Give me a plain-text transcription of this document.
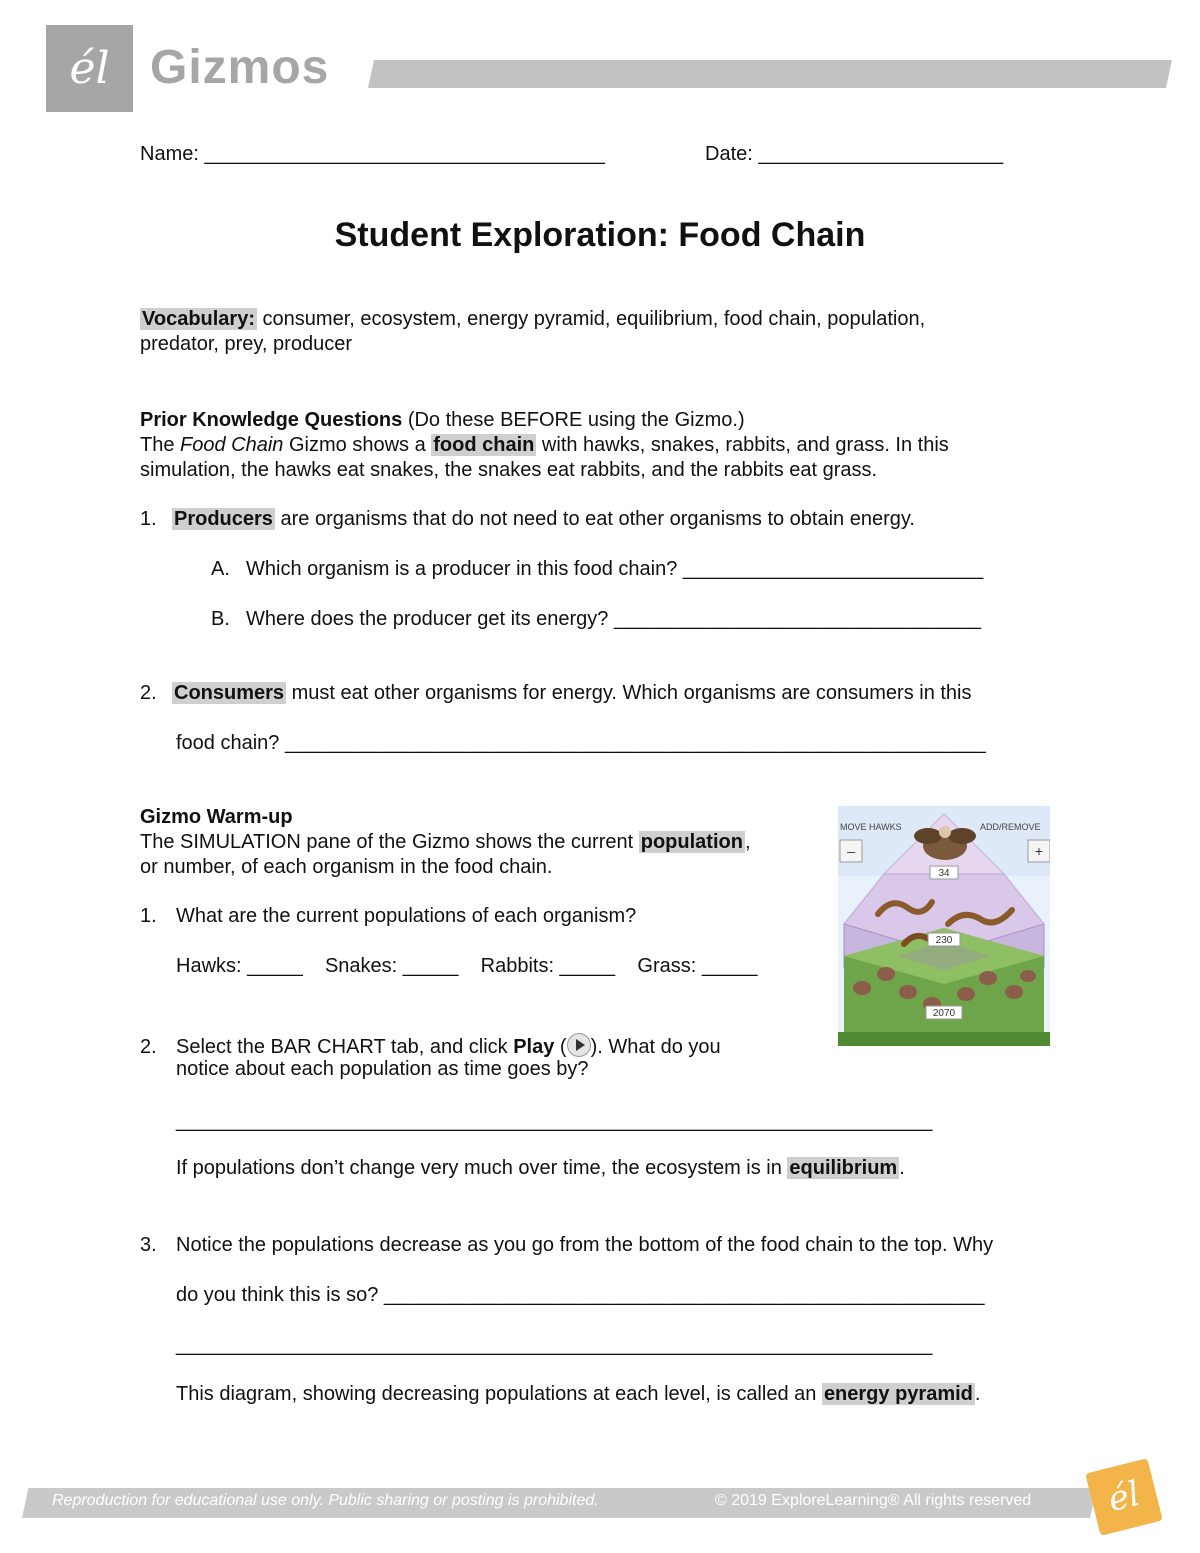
él Gizmos
Name: ____________________________________	Date: ______________________
Student Exploration: Food Chain
Vocabulary: consumer, ecosystem, energy pyramid, equilibrium, food chain, population,
predator, prey, producer
Prior Knowledge Questions (Do these BEFORE using the Gizmo.)
The Food Chain Gizmo shows a food chain with hawks, snakes, rabbits, and grass. In this
simulation, the hawks eat snakes, the snakes eat rabbits, and the rabbits eat grass.
1. Producers are organisms that do not need to eat other organisms to obtain energy.
A. Which organism is a producer in this food chain? ___________________________
B. Where does the producer get its energy? _________________________________
2. Consumers must eat other organisms for energy. Which organisms are consumers in this
food chain? _______________________________________________________________
Gizmo Warm-up
The SIMULATION pane of the Gizmo shows the current population ,
or number, of each organism in the food chain.
1. What are the current populations of each organism?
Hawks: _____    Snakes: _____    Rabbits: _____    Grass: _____
2. Select the BAR CHART tab, and click Play ( ). What do you
notice about each population as time goes by?
____________________________________________________________________
If populations don’t change very much over time, the ecosystem is in equilibrium .
3. Notice the populations decrease as you go from the bottom of the food chain to the top. Why
do you think this is so? ______________________________________________________
____________________________________________________________________
This diagram, showing decreasing populations at each level, is called an energy pyramid .
MOVE HAWKS	ADD/REMOVE
–	+
34
230
2070
Reproduction for educational use only. Public sharing or posting is prohibited.	© 2019 ExploreLearning® All rights reserved	él
